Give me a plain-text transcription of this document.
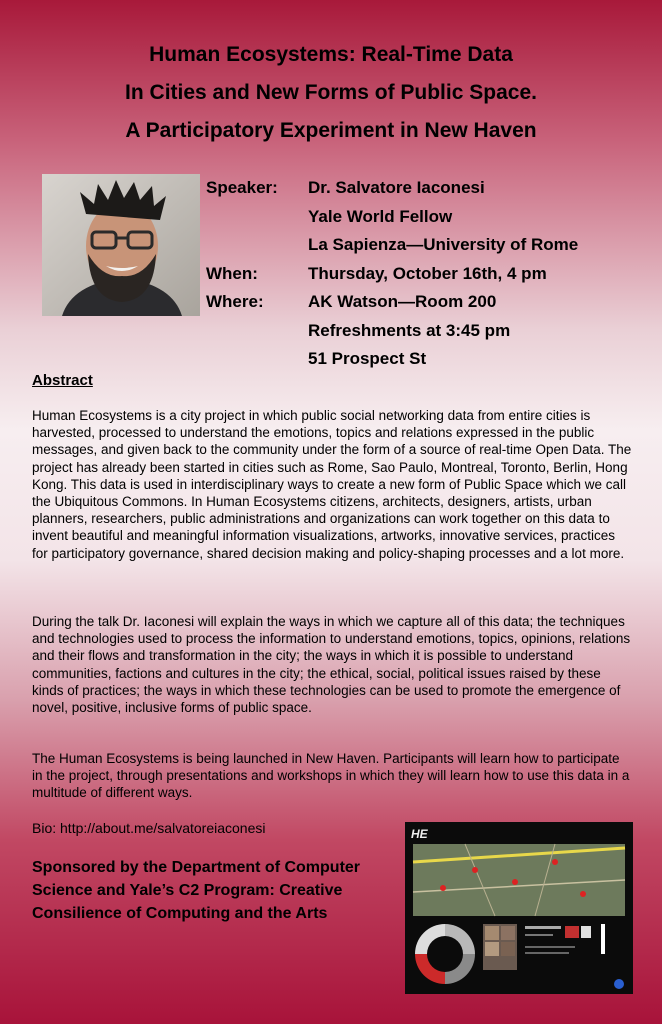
Human Ecosystems: Real-Time Data
In Cities and New Forms of Public Space.
A Participatory Experiment in New Haven
Speaker:	Dr. Salvatore Iaconesi
Yale World Fellow
La Sapienza—University of Rome
When:	Thursday, October 16th, 4 pm
Where:	AK Watson—Room 200
Refreshments at 3:45 pm
51 Prospect St
Abstract

Human Ecosystems is a city project in which public social networking data from entire cities is harvested, processed to understand the emotions, topics and relations expressed in the public messages, and given back to the community under the form of a source of real-time Open Data. The project has already been started in cities such as Rome, Sao Paulo, Montreal, Toronto, Berlin, Hong Kong. This data is used in interdisciplinary ways to create a new form of Public Space which we call the Ubiquitous Commons. In Human Ecosystems citizens, architects, designers, artists, urban planners, researchers, public administrations and organizations can work together on this data to invent beautiful and meaningful information visualizations, artworks, innovative services, practices for participatory governance, shared decision making and policy-shaping processes and a lot more.

During the talk Dr. Iaconesi will explain the ways in which we capture all of this data; the techniques and technologies used to process the information to understand emotions, topics, opinions, relations and their flows and transformation in the city; the ways in which it is possible to understand communities, factions and cultures in the city; the ethical, social, political issues raised by these kinds of practices; the ways in which these technologies can be used to promote the emergence of novel, positive, inclusive forms of public space.

The Human Ecosystems is being launched in New Haven. Participants will learn how to participate in the project, through presentations and workshops in which they will learn how to use this data in a multitude of different ways.

Bio: http://about.me/salvatoreiaconesi
Sponsored by the Department of Computer Science and Yale’s C2 Program: Creative Consilience of Computing and the Arts
HE
